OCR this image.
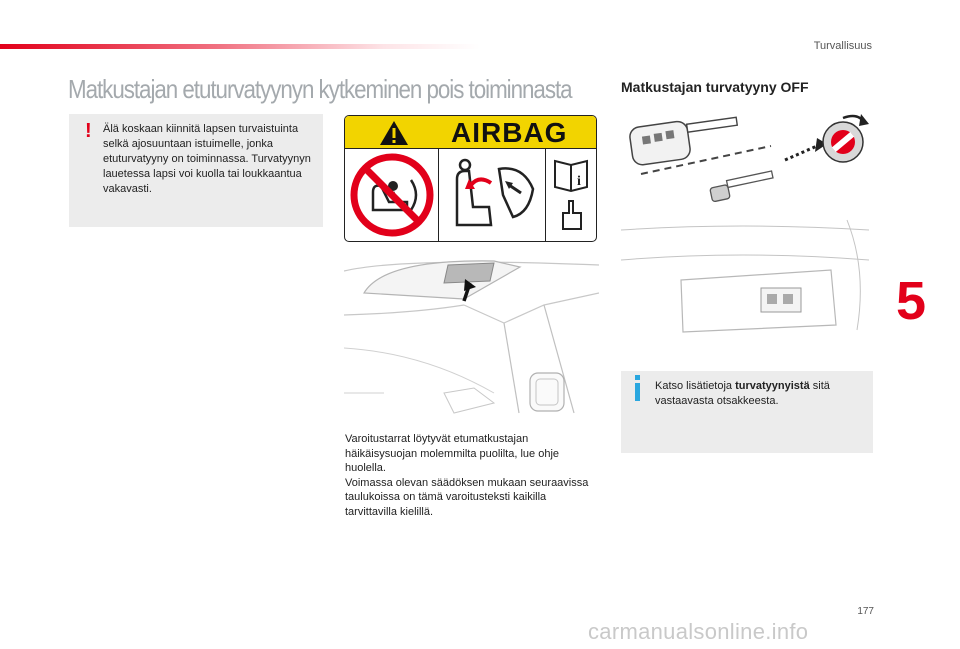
Turvallisuus
Matkustajan etuturvatyynyn kytkeminen pois toiminnasta
! Älä koskaan kiinnitä lapsen turvaistuinta selkä ajosuuntaan istuimelle, jonka etuturvatyyny on toiminnassa. Turvatyynyn lauetessa lapsi voi kuolla tai loukkaantua vakavasti.

AIRBAG
i

Varoitustarrat löytyvät etumatkustajan häikäisysuojan molemmilta puolilta, lue ohje huolella.

Voimassa olevan säädöksen mukaan seuraavissa taulukoissa on tämä varoitusteksti kaikilla tarvittavilla kielillä.

Matkustajan turvatyyny OFF

Katso lisätietoja turvatyynyistä sitä vastaavasta otsakkeesta.

5
177
carmanualsonline.info
